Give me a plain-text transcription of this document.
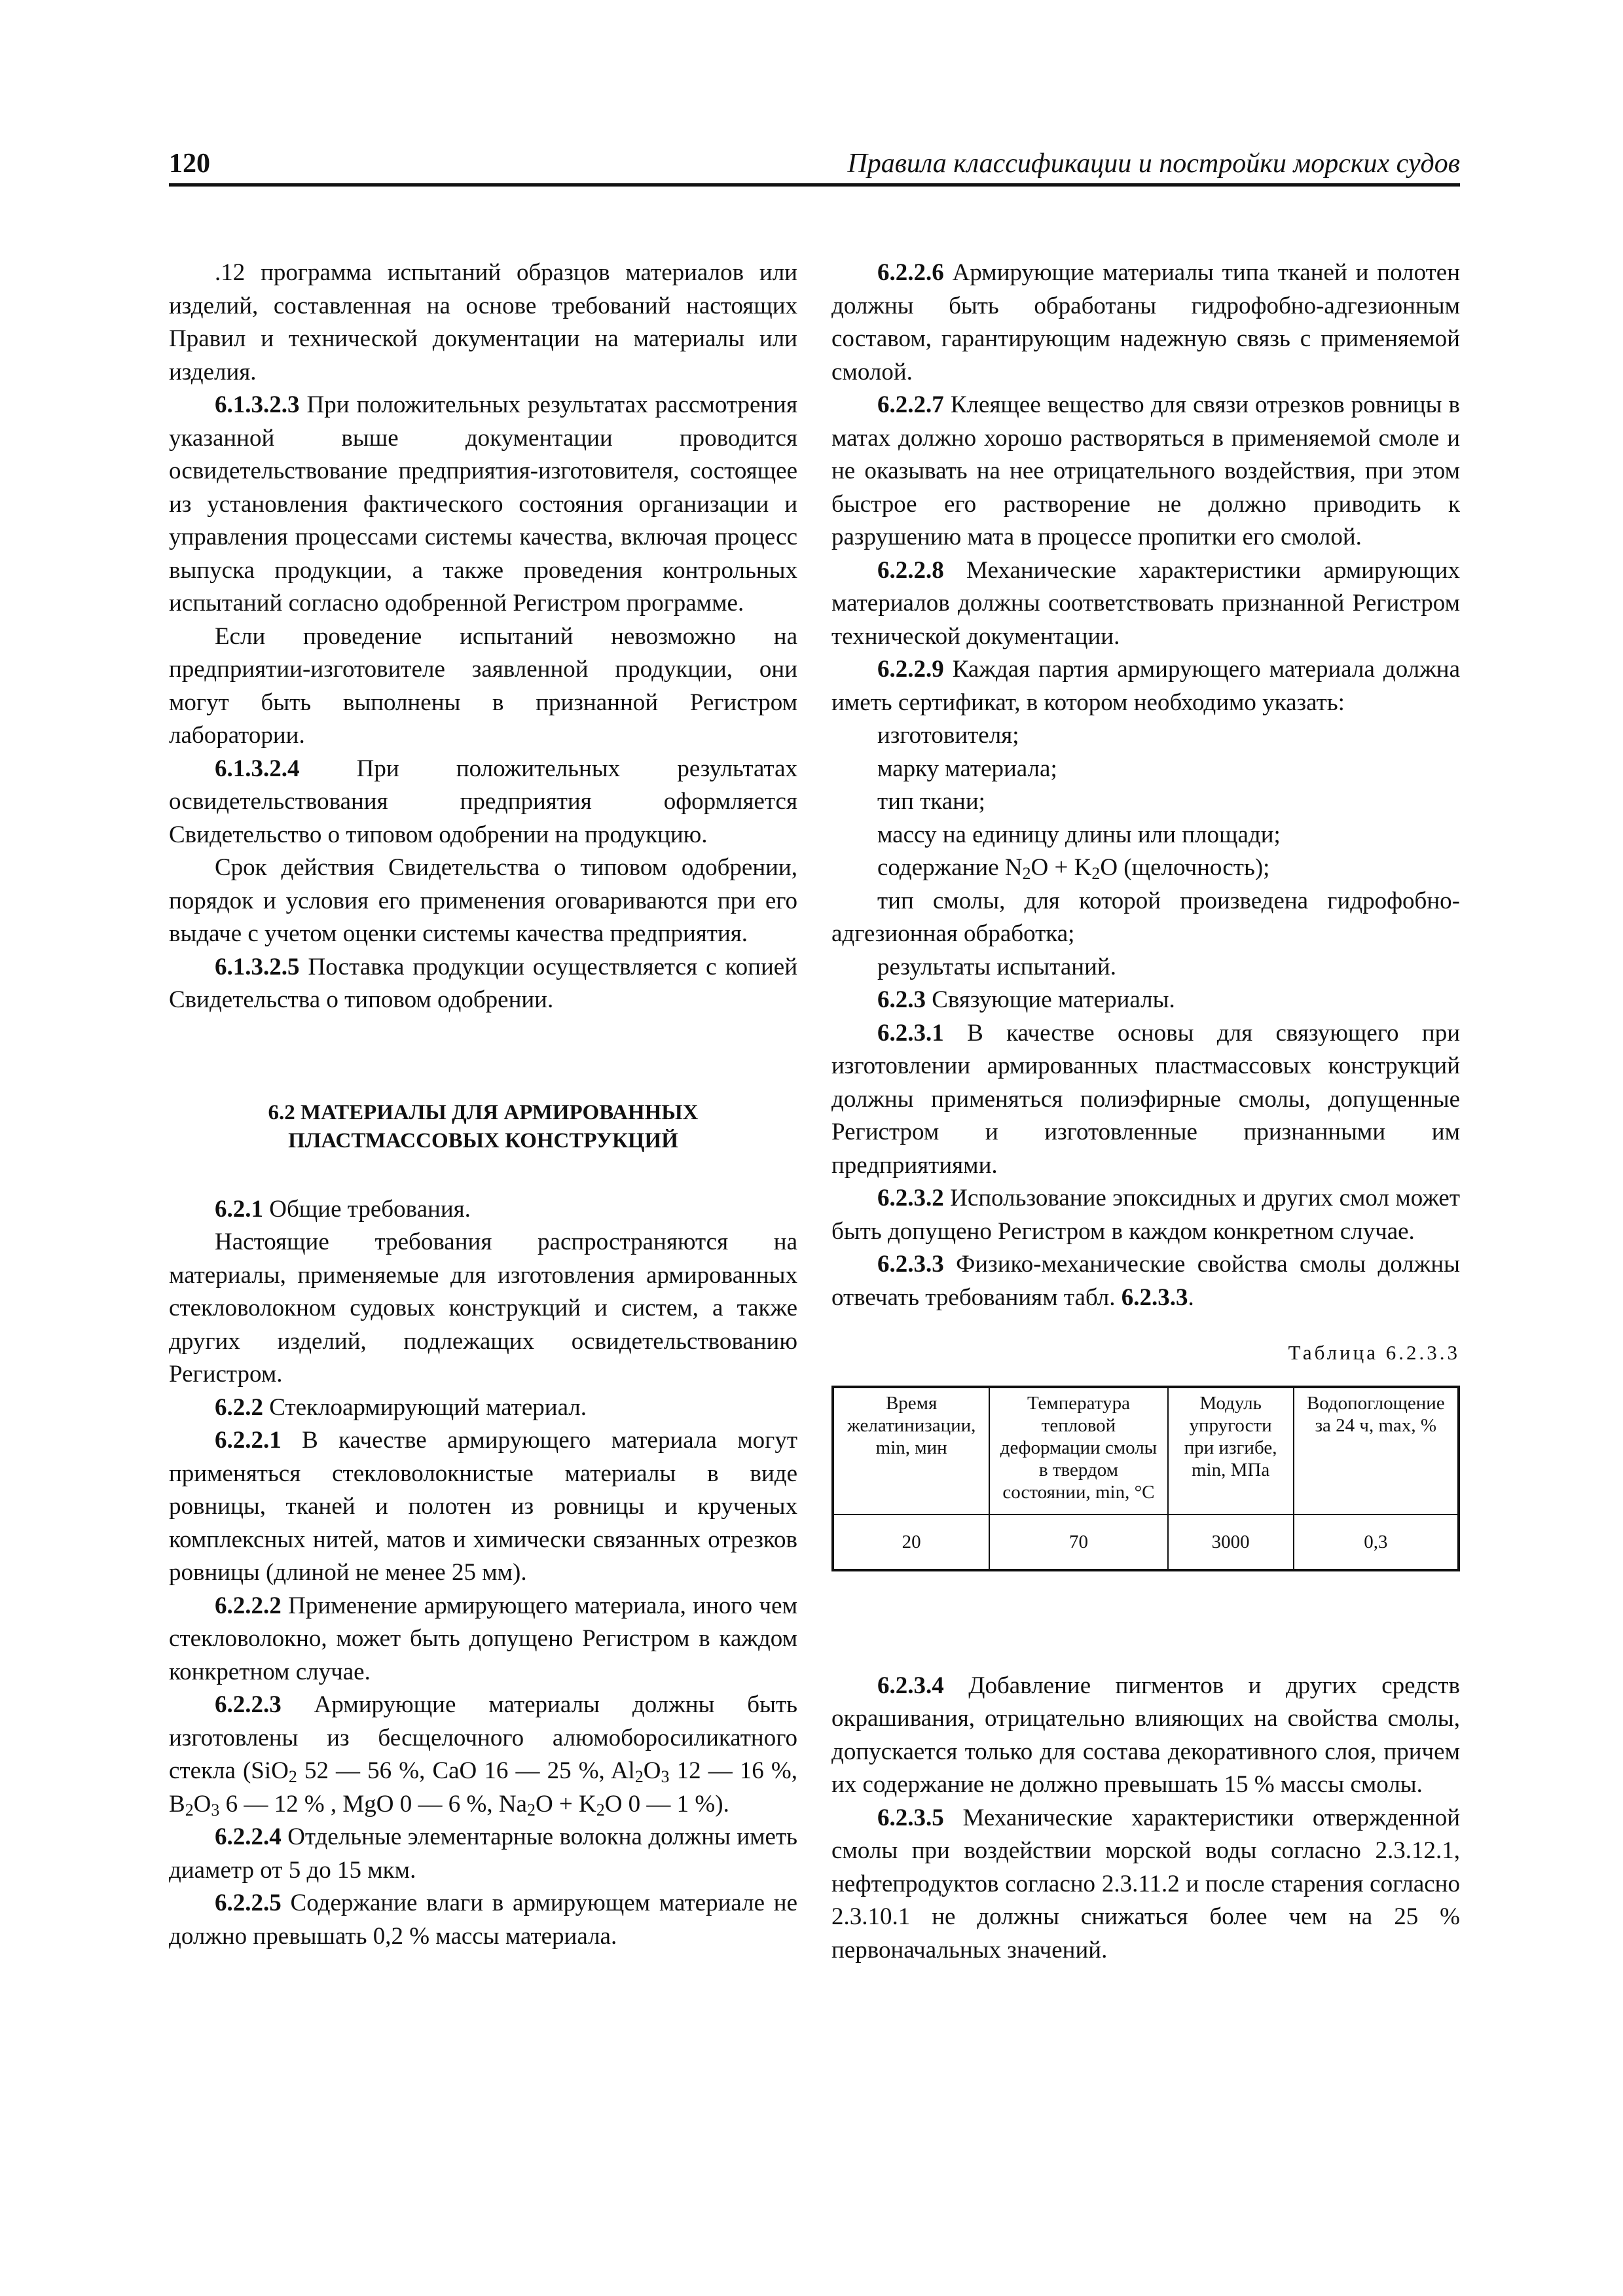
120	Правила классификации и постройки морских судов

.12 программа испытаний образцов материалов или изделий, составленная на основе требований настоящих Правил и технической документации на материалы или изделия.

6.1.3.2.3 При положительных результатах рассмотрения указанной выше документации проводится освидетельствование предприятия-изготовителя, состоящее из установления фактического состояния организации и управления процессами системы качества, включая процесс выпуска продукции, а также проведения контрольных испытаний согласно одобренной Регистром программе.

Если проведение испытаний невозможно на предприятии-изготовителе заявленной продукции, они могут быть выполнены в признанной Регистром лаборатории.

6.1.3.2.4 При положительных результатах освидетельствования предприятия оформляется Свидетельство о типовом одобрении на продукцию.

Срок действия Свидетельства о типовом одобрении, порядок и условия его применения оговариваются при его выдаче с учетом оценки системы качества предприятия.

6.1.3.2.5 Поставка продукции осуществляется с копией Свидетельства о типовом одобрении.

6.2 МАТЕРИАЛЫ ДЛЯ АРМИРОВАННЫХ
ПЛАСТМАССОВЫХ КОНСТРУКЦИЙ

6.2.1 Общие требования.

Настоящие требования распространяются на материалы, применяемые для изготовления армированных стекловолокном судовых конструкций и систем, а также других изделий, подлежащих освидетельствованию Регистром.

6.2.2 Стеклоармирующий материал.

6.2.2.1 В качестве армирующего материала могут применяться стекловолокнистые материалы в виде ровницы, тканей и полотен из ровницы и крученых комплексных нитей, матов и химически связанных отрезков ровницы (длиной не менее 25 мм).

6.2.2.2 Применение армирующего материала, иного чем стекловолокно, может быть допущено Регистром в каждом конкретном случае.

6.2.2.3 Армирующие материалы должны быть изготовлены из бесщелочного алюмоборосиликатного стекла (SiO$_2$ 52 — 56 %, CaO 16 — 25 %, $Al_2O_3$ 12 — 16 %, $B_2O_3$ 6 — 12 % , MgO 0 — 6 %, $Na_2O + K_2O$ 0 — 1 %).

6.2.2.4 Отдельные элементарные волокна должны иметь диаметр от 5 до 15 мкм.

6.2.2.5 Содержание влаги в армирующем материале не должно превышать 0,2 % массы материала.

6.2.2.6 Армирующие материалы типа тканей и полотен должны быть обработаны гидрофобно-адгезионным составом, гарантирующим надежную связь с применяемой смолой.

6.2.2.7 Клеящее вещество для связи отрезков ровницы в матах должно хорошо растворяться в применяемой смоле и не оказывать на нее отрицательного воздействия, при этом быстрое его растворение не должно приводить к разрушению мата в процессе пропитки его смолой.

6.2.2.8 Механические характеристики армирующих материалов должны соответствовать признанной Регистром технической документации.

6.2.2.9 Каждая партия армирующего материала должна иметь сертификат, в котором необходимо указать:

изготовителя;

марку материала;

тип ткани;

массу на единицу длины или площади;

содержание $N_2O + K_2O$ (щелочность);

тип смолы, для которой произведена гидрофобно-адгезионная обработка;

результаты испытаний.

6.2.3 Связующие материалы.

6.2.3.1 В качестве основы для связующего при изготовлении армированных пластмассовых конструкций должны применяться полиэфирные смолы, допущенные Регистром и изготовленные признанными им предприятиями.

6.2.3.2 Использование эпоксидных и других смол может быть допущено Регистром в каждом конкретном случае.

6.2.3.3 Физико-механические свойства смолы должны отвечать требованиям табл. 6.2.3.3.

Таблица 6.2.3.3

Время желатинизации, min, мин	Температура тепловой деформации смолы в твердом состоянии, min, °С	Модуль упругости при изгибе, min, МПа	Водопоглощение за 24 ч, max, %
20	70	3000	0,3

6.2.3.4 Добавление пигментов и других средств окрашивания, отрицательно влияющих на свойства смолы, допускается только для состава декоративного слоя, причем их содержание не должно превышать 15 % массы смолы.

6.2.3.5 Механические характеристики отвержденной смолы при воздействии морской воды согласно 2.3.12.1, нефтепродуктов согласно 2.3.11.2 и после старения согласно 2.3.10.1 не должны снижаться более чем на 25 % первоначальных значений.
